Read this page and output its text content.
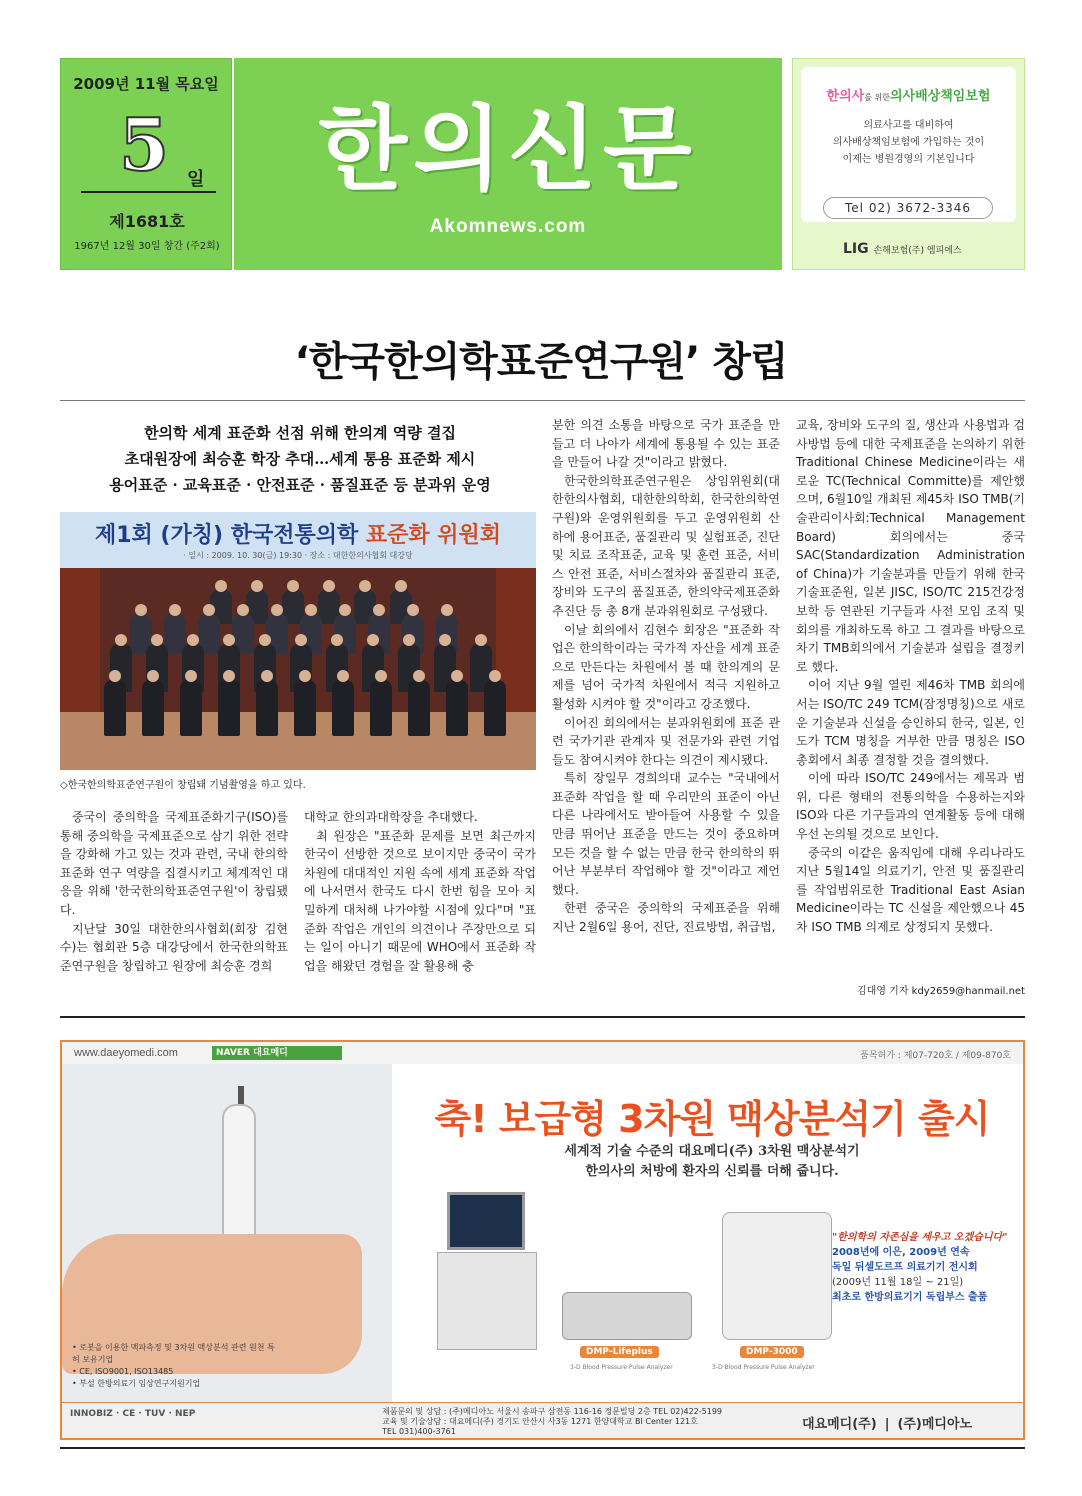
2009년 11월 목요일
5 일
제1681호
1967년 12월 30일 창간 (주2회)
한의신문
Akomnews.com
한의사를 위한의사배상책임보험
의료사고를 대비하여
의사배상책임보험에 가입하는 것이
이제는 병원경영의 기본입니다
Tel 02) 3672-3346
LIG 손해보험(주) 엠피에스
‘한국한의학표준연구원’ 창립
한의학 세계 표준화 선점 위해 한의계 역량 결집
초대원장에 최승훈 학장 추대…세계 통용 표준화 제시
용어표준 · 교육표준 · 안전표준 · 품질표준 등 분과위 운영
제1회 (가칭) 한국전통의학 표준화 위원회
· 일시 : 2009. 10. 30(금) 19:30 · 장소 : 대한한의사협회 대강당
◇한국한의학표준연구원이 창립돼 기념촬영을 하고 있다.

중국이 중의학을 국제표준화기구(ISO)를 통해 중의학을 국제표준으로 삼기 위한 전략을 강화해 가고 있는 것과 관련, 국내 한의학 표준화 연구 역량을 집결시키고 체계적인 대응을 위해 '한국한의학표준연구원'이 창립됐다.

지난달 30일 대한한의사협회(회장 김현수)는 협회관 5층 대강당에서 한국한의학표준연구원을 창립하고 원장에 최승훈 경희

대학교 한의과대학장을 추대했다.

최 원장은 "표준화 문제를 보면 최근까지 한국이 선방한 것으로 보이지만 중국이 국가 차원에 대대적인 지원 속에 세계 표준화 작업에 나서면서 한국도 다시 한번 힘을 모아 치밀하게 대처해 나가야할 시점에 있다"며 "표준화 작업은 개인의 의견이나 주장만으로 되는 일이 아니기 때문에 WHO에서 표준화 작업을 해왔던 경험을 잘 활용해 충

분한 의견 소통을 바탕으로 국가 표준을 만들고 더 나아가 세계에 통용될 수 있는 표준을 만들어 나갈 것"이라고 밝혔다.

한국한의학표준연구원은 상임위원회(대한한의사협회, 대한한의학회, 한국한의학연구원)와 운영위원회를 두고 운영위원회 산하에 용어표준, 품질관리 및 실험표준, 진단 및 치료 조작표준, 교육 및 훈련 표준, 서비스 안전 표준, 서비스절차와 품질관리 표준, 장비와 도구의 품질표준, 한의약국제표준화 추진단 등 총 8개 분과위원회로 구성됐다.

이날 회의에서 김현수 회장은 "표준화 작업은 한의학이라는 국가적 자산을 세계 표준으로 만든다는 차원에서 볼 때 한의계의 문제를 넘어 국가적 차원에서 적극 지원하고 활성화 시켜야 할 것"이라고 강조했다.

이어진 회의에서는 분과위원회에 표준 관련 국가기관 관계자 및 전문가와 관련 기업들도 참여시켜야 한다는 의견이 제시됐다.

특히 장일무 경희의대 교수는 "국내에서 표준화 작업을 할 때 우리만의 표준이 아닌 다른 나라에서도 받아들여 사용할 수 있을 만큼 뛰어난 표준을 만드는 것이 중요하며 모든 것을 할 수 없는 만큼 한국 한의학의 뛰어난 부분부터 작업해야 할 것"이라고 제언했다.

한편 중국은 중의학의 국제표준을 위해 지난 2월6일 용어, 진단, 진료방법, 취급법,

교육, 장비와 도구의 질, 생산과 사용법과 검사방법 등에 대한 국제표준을 논의하기 위한 Traditional Chinese Medicine이라는 새로운 TC(Technical Committe)를 제안했으며, 6월10일 개최된 제45차 ISO TMB(기술관리이사회:Technical Management Board) 회의에서는 중국 SAC(Standardization Administration of China)가 기술분과를 만들기 위해 한국기술표준원, 일본 JISC, ISO/TC 215건강정보학 등 연관된 기구들과 사전 모임 조직 및 회의를 개최하도록 하고 그 결과를 바탕으로 차기 TMB회의에서 기술분과 설립을 결정키로 했다.

이어 지난 9월 열린 제46차 TMB 회의에서는 ISO/TC 249 TCM(잠정명칭)으로 새로운 기술분과 신설을 승인하되 한국, 일본, 인도가 TCM 명칭을 거부한 만큼 명칭은 ISO총회에서 최종 결정할 것을 결의했다.

이에 따라 ISO/TC 249에서는 제목과 범위, 다른 형태의 전통의학을 수용하는지와 ISO와 다른 기구들과의 연계활동 등에 대해 우선 논의될 것으로 보인다.

중국의 이같은 움직임에 대해 우리나라도 지난 5월14일 의료기기, 안전 및 품질관리를 작업범위로한 Traditional East Asian Medicine이라는 TC 신설을 제안했으나 45차 ISO TMB 의제로 상정되지 못했다.

김대영 기자 kdy2659@hanmail.net
www.daeyomedi.com	NAVER 대요메디	품목허가 : 제07-720호 / 제09-870호
• 로봇을 이용한 맥파측정 및 3차원 맥상분석 관련 원천 특허 보유기업
• CE, ISO9001, ISO13485
• 부설 한방의료기 임상연구지원기업
축! 보급형 3차원 맥상분석기 출시
세계적 기술 수준의 대요메디(주) 3차원 맥상분석기
한의사의 처방에 환자의 신뢰를 더해 줍니다.
DMP-Lifeplus
3-D Blood Pressure Pulse Analyzer
DMP-3000
3-D Blood Pressure Pulse Analyzer
"한의학의 자존심을 세우고 오겠습니다"
2008년에 이은, 2009년 연속
독일 뒤셀도르프 의료기기 전시회
(2009년 11월 18일 ~ 21일)
최초로 한방의료기기 독립부스 출품
INNOBIZ · CE · TUV · NEP	제품문의 및 상담 : (주)메디아노 서울시 송파구 삼전동 116-16 정문빌딩 2층 TEL 02)422-5199
교육 및 기술상담 : 대요메디(주) 경기도 안산시 사3동 1271 한양대학교 BI Center 121호
TEL 031)400-3761	대요메디(주) | (주)메디아노
